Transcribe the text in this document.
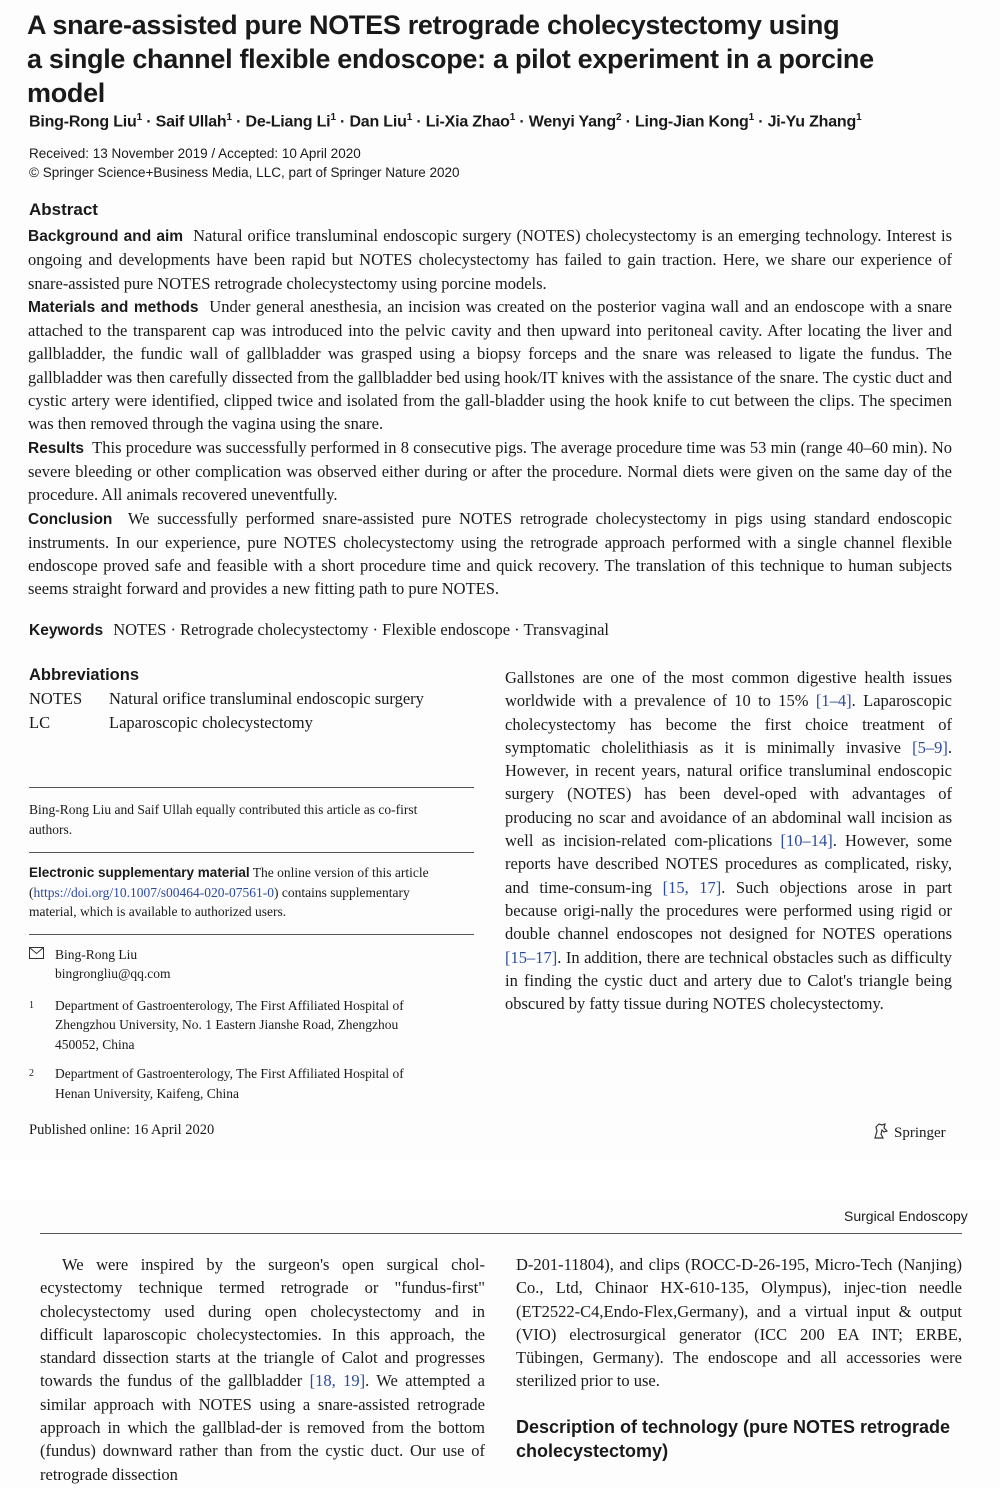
A snare-assisted pure NOTES retrograde cholecystectomy using
a single channel flexible endoscope: a pilot experiment in a porcine
model
Bing-Rong Liu$^1$ · Saif Ullah$^1$ · De-Liang $Li^1$ · Dan Liu$^1$ · Li-Xia Zhao$^1$ · Wenyi Yang$^2$ · Ling-Jian Kong$^1$ · Ji-Yu Zhang$^1$
Received: 13 November 2019 / Accepted: 10 April 2020
© Springer Science+Business Media, LLC, part of Springer Nature 2020
Abstract

Background and aim Natural orifice transluminal endoscopic surgery (NOTES) cholecystectomy is an emerging technology. Interest is ongoing and developments have been rapid but NOTES cholecystectomy has failed to gain traction. Here, we share our experience of snare-assisted pure NOTES retrograde cholecystectomy using porcine models.

Materials and methods Under general anesthesia, an incision was created on the posterior vagina wall and an endoscope with a snare attached to the transparent cap was introduced into the pelvic cavity and then upward into peritoneal cavity. After locating the liver and gallbladder, the fundic wall of gallbladder was grasped using a biopsy forceps and the snare was released to ligate the fundus. The gallbladder was then carefully dissected from the gallbladder bed using hook/IT knives with the assistance of the snare. The cystic duct and cystic artery were identified, clipped twice and isolated from the gall-bladder using the hook knife to cut between the clips. The specimen was then removed through the vagina using the snare.

Results This procedure was successfully performed in 8 consecutive pigs. The average procedure time was 53 min (range 40–60 min). No severe bleeding or other complication was observed either during or after the procedure. Normal diets were given on the same day of the procedure. All animals recovered uneventfully.

Conclusion We successfully performed snare-assisted pure NOTES retrograde cholecystectomy in pigs using standard endoscopic instruments. In our experience, pure NOTES cholecystectomy using the retrograde approach performed with a single channel flexible endoscope proved safe and feasible with a short procedure time and quick recovery. The translation of this technique to human subjects seems straight forward and provides a new fitting path to pure NOTES.

Keywords NOTES · Retrograde cholecystectomy · Flexible endoscope · Transvaginal
Abbreviations
NOTES	Natural orifice transluminal endoscopic surgery
LC	Laparoscopic cholecystectomy
Bing-Rong Liu and Saif Ullah equally contributed this article as co-first authors.
Electronic supplementary material The online version of this article (https://doi.org/10.1007/s00464-020-07561-0) contains supplementary material, which is available to authorized users.
Bing-Rong Liu
bingrongliu@qq.com
1	Department of Gastroenterology, The First Affiliated Hospital of Zhengzhou University, No. 1 Eastern Jianshe Road, Zhengzhou 450052, China
2	Department of Gastroenterology, The First Affiliated Hospital of Henan University, Kaifeng, China

Gallstones are one of the most common digestive health issues worldwide with a prevalence of 10 to 15% [1–4]. Laparoscopic cholecystectomy has become the first choice treatment of symptomatic cholelithiasis as it is minimally invasive [5–9]. However, in recent years, natural orifice transluminal endoscopic surgery (NOTES) has been devel-oped with advantages of producing no scar and avoidance of an abdominal wall incision as well as incision-related com-plications [10–14]. However, some reports have described NOTES procedures as complicated, risky, and time-consum-ing [15, 17]. Such objections arose in part because origi-nally the procedures were performed using rigid or double channel endoscopes not designed for NOTES operations [15–17]. In addition, there are technical obstacles such as difficulty in finding the cystic duct and artery due to Calot's triangle being obscured by fatty tissue during NOTES cholecystectomy.

Published online: 16 April 2020	Springer
Surgical Endoscopy

We were inspired by the surgeon's open surgical chol-ecystectomy technique termed retrograde or "fundus-first" cholecystectomy used during open cholecystectomy and in difficult laparoscopic cholecystectomies. In this approach, the standard dissection starts at the triangle of Calot and progresses towards the fundus of the gallbladder [18, 19]. We attempted a similar approach with NOTES using a snare-assisted retrograde approach in which the gallblad-der is removed from the bottom (fundus) downward rather than from the cystic duct. Our use of retrograde dissection

D-201-11804), and clips (ROCC-D-26-195, Micro-Tech (Nanjing) Co., Ltd, Chinaor HX-610-135, Olympus), injec-tion needle (ET2522-C4,Endo-Flex,Germany), and a virtual input & output (VIO) electrosurgical generator (ICC 200 EA INT; ERBE, Tübingen, Germany). The endoscope and all accessories were sterilized prior to use.

Description of technology (pure NOTES retrograde cholecystectomy)
